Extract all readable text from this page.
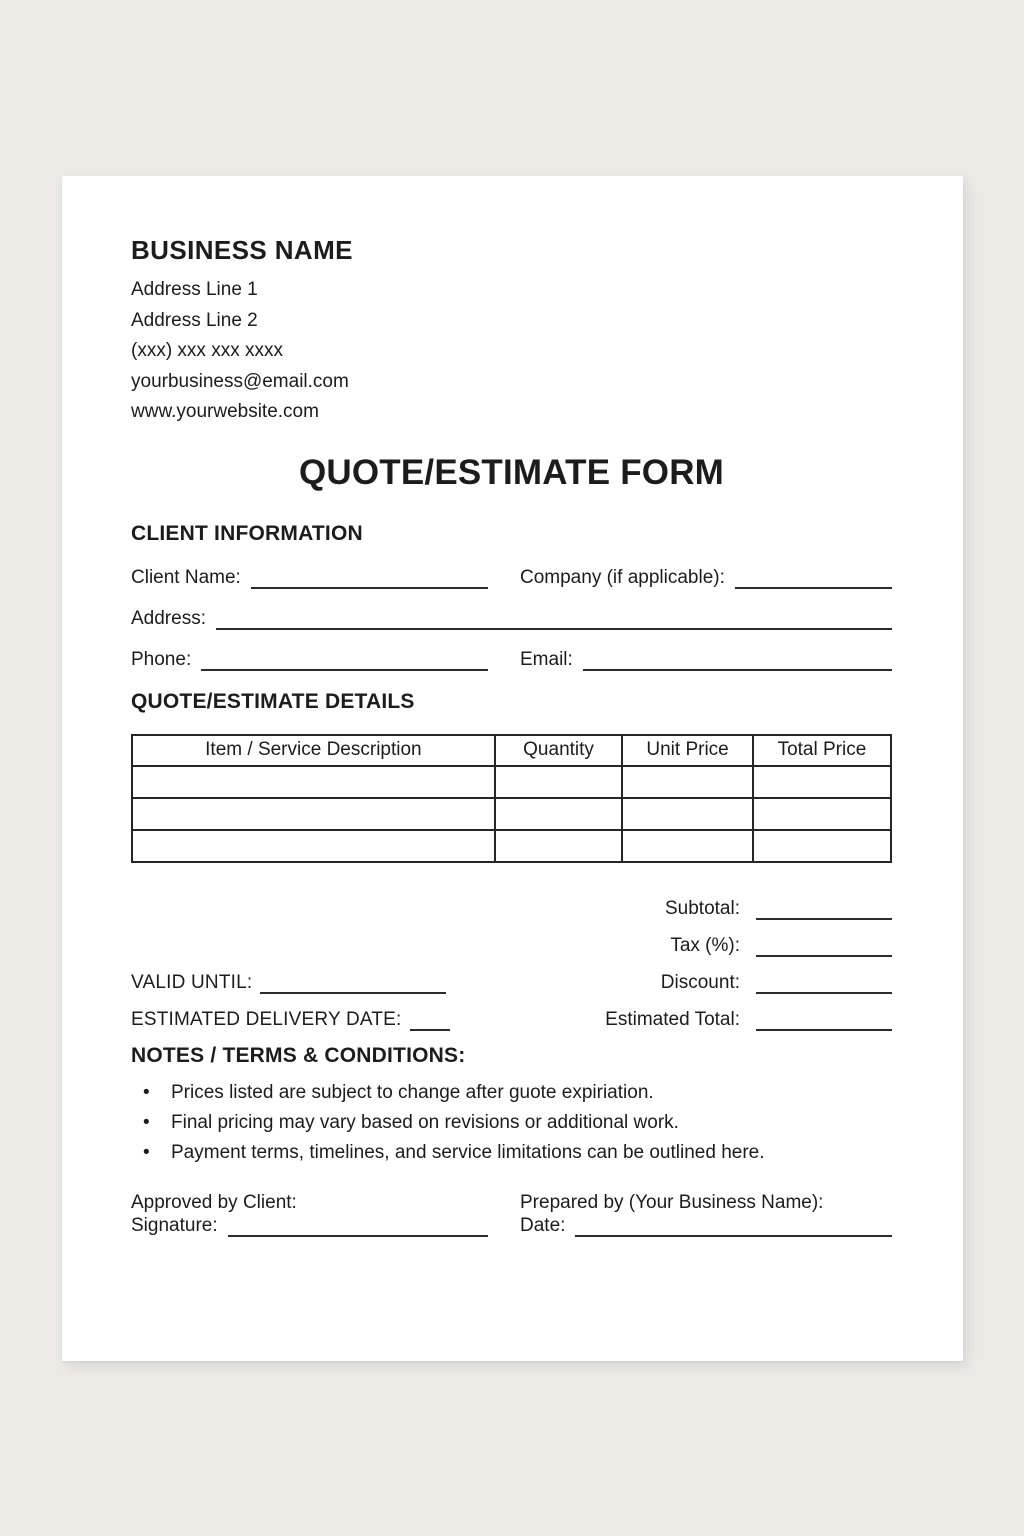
BUSINESS NAME
Address Line 1
Address Line 2
(xxx) xxx xxx xxxx
yourbusiness@email.com
www.yourwebsite.com
QUOTE/ESTIMATE FORM
CLIENT INFORMATION
Client Name:	Company (if applicable):
Address:
Phone:	Email:
QUOTE/ESTIMATE DETAILS
Item / Service Description	Quantity	Unit Price	Total Price

VALID UNTIL:
ESTIMATED DELIVERY DATE:
Subtotal:
Tax (%):
Discount:
Estimated Total:
NOTES / TERMS & CONDITIONS:
•	Prices listed are subject to change after guote expiriation.
•	Final pricing may vary based on revisions or additional work.
•	Payment terms, timelines, and service limitations can be outlined here.
Approved by Client:	Prepared by (Your Business Name):
Signature:	Date:
